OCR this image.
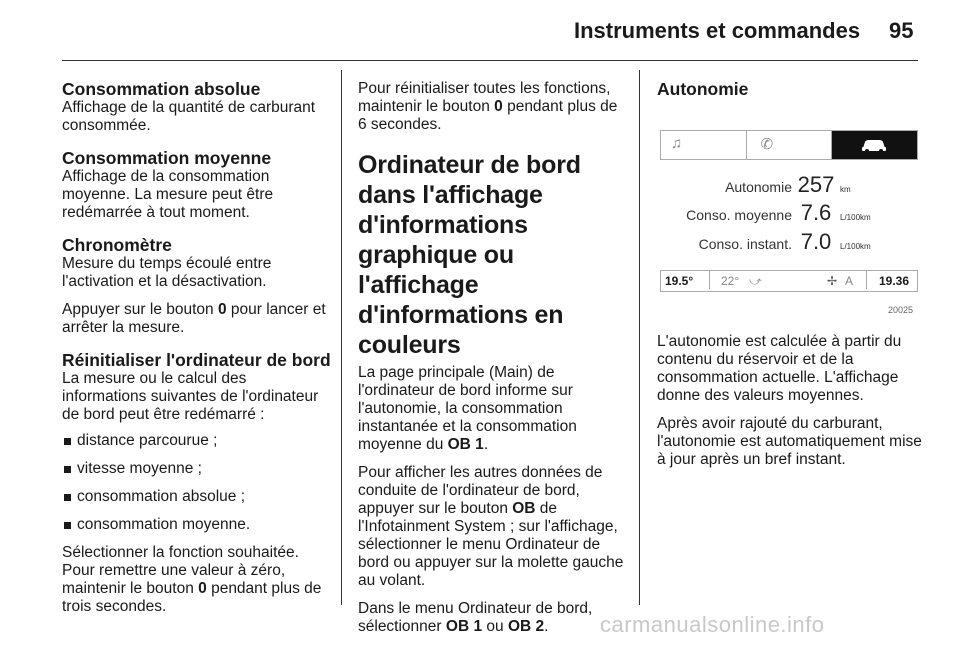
Instruments et commandes 95
Consommation absolue
Affichage de la quantité de carburant consommée.
Consommation moyenne
Affichage de la consommation moyenne. La mesure peut être redémarrée à tout moment.
Chronomètre
Mesure du temps écoulé entre l'activation et la désactivation.

Appuyer sur le bouton 0 pour lancer et arrêter la mesure.

Réinitialiser l'ordinateur de bord
La mesure ou le calcul des informations suivantes de l'ordinateur de bord peut être redémarré :
distance parcourue ;
vitesse moyenne ;
consommation absolue ;
consommation moyenne.
Sélectionner la fonction souhaitée.
Pour remettre une valeur à zéro, maintenir le bouton 0 pendant plus de trois secondes.

Pour réinitialiser toutes les fonctions, maintenir le bouton 0 pendant plus de 6 secondes.

Ordinateur de bord dans l'affichage d'informations graphique ou l'affichage d'informations en couleurs

La page principale (Main) de l'ordinateur de bord informe sur l'autonomie, la consommation instantanée et la consommation moyenne du OB 1.

Pour afficher les autres données de conduite de l'ordinateur de bord, appuyer sur le bouton OB de l'Infotainment System ; sur l'affichage, sélectionner le menu Ordinateur de bord ou appuyer sur la molette gauche au volant.

Dans le menu Ordinateur de bord, sélectionner OB 1 ou OB 2.

Autonomie
♫	✆
Autonomie 257 km
Conso. moyenne 7.6	L/100km
Conso. instant. 7.0	L/100km
19.5° 22° ⤻	✢ A 19.36
20025

L'autonomie est calculée à partir du contenu du réservoir et de la consommation actuelle. L'affichage donne des valeurs moyennes.

Après avoir rajouté du carburant, l'autonomie est automatiquement mise à jour après un bref instant.

carmanualsonline.info
